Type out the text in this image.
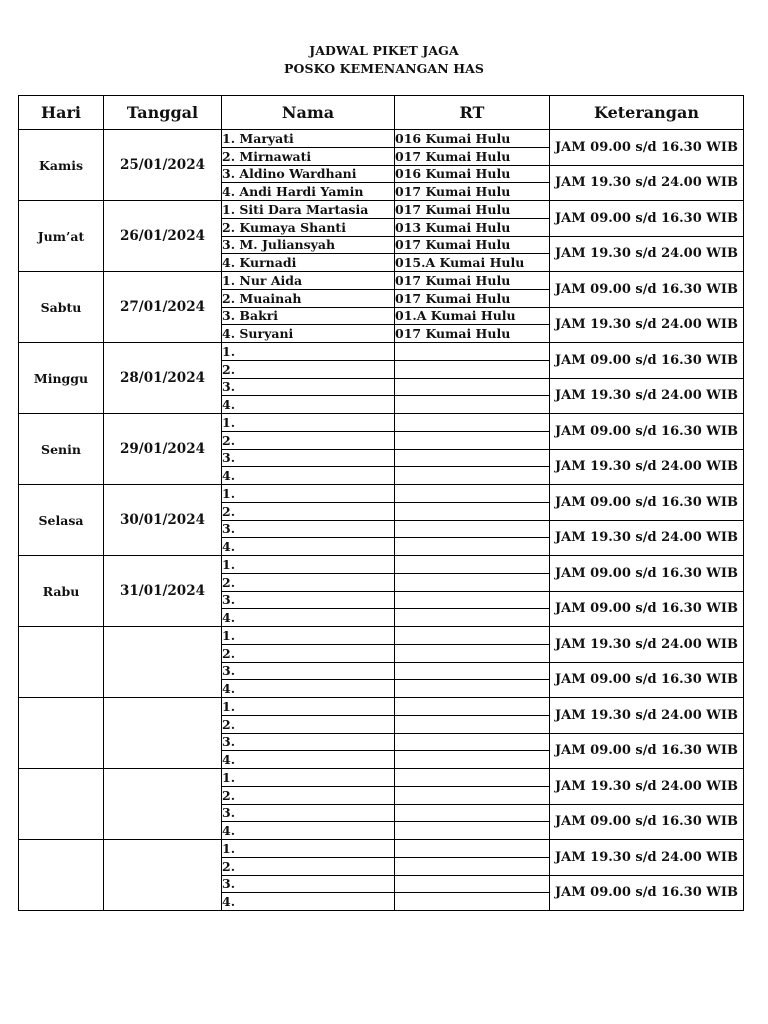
JADWAL PIKET JAGA
POSKO KEMENANGAN HAS
Hari	Tanggal	Nama	RT	Keterangan
Kamis	25/01/2024	1. Maryati	016 Kumai Hulu	JAM 09.00 s/d 16.30 WIB
		2. Mirnawati	017 Kumai Hulu	
		3. Aldino Wardhani	016 Kumai Hulu	JAM 19.30 s/d 24.00 WIB
		4. Andi Hardi Yamin	017 Kumai Hulu	
Jum’at	26/01/2024	1. Siti Dara Martasia	017 Kumai Hulu	JAM 09.00 s/d 16.30 WIB
		2. Kumaya Shanti	013 Kumai Hulu	
		3. M. Juliansyah	017 Kumai Hulu	JAM 19.30 s/d 24.00 WIB
		4. Kurnadi	015.A Kumai Hulu	
Sabtu	27/01/2024	1. Nur Aida	017 Kumai Hulu	JAM 09.00 s/d 16.30 WIB
		2. Muainah	017 Kumai Hulu	
		3. Bakri	01.A Kumai Hulu	JAM 19.30 s/d 24.00 WIB
		4. Suryani	017 Kumai Hulu	
Minggu	28/01/2024	1.		JAM 09.00 s/d 16.30 WIB
		2.		
		3.		JAM 19.30 s/d 24.00 WIB
		4.		
Senin	29/01/2024	1.		JAM 09.00 s/d 16.30 WIB
		2.		
		3.		JAM 19.30 s/d 24.00 WIB
		4.		
Selasa	30/01/2024	1.		JAM 09.00 s/d 16.30 WIB
		2.		
		3.		JAM 19.30 s/d 24.00 WIB
		4.		
Rabu	31/01/2024	1.		JAM 09.00 s/d 16.30 WIB
		2.		
		3.		JAM 09.00 s/d 16.30 WIB
		4.		
		1.		JAM 19.30 s/d 24.00 WIB
		2.		
		3.		JAM 09.00 s/d 16.30 WIB
		4.		
		1.		JAM 19.30 s/d 24.00 WIB
		2.		
		3.		JAM 09.00 s/d 16.30 WIB
		4.		
		1.		JAM 19.30 s/d 24.00 WIB
		2.		
		3.		JAM 09.00 s/d 16.30 WIB
		4.		
		1.		JAM 19.30 s/d 24.00 WIB
		2.		
		3.		JAM 09.00 s/d 16.30 WIB
		4.		
